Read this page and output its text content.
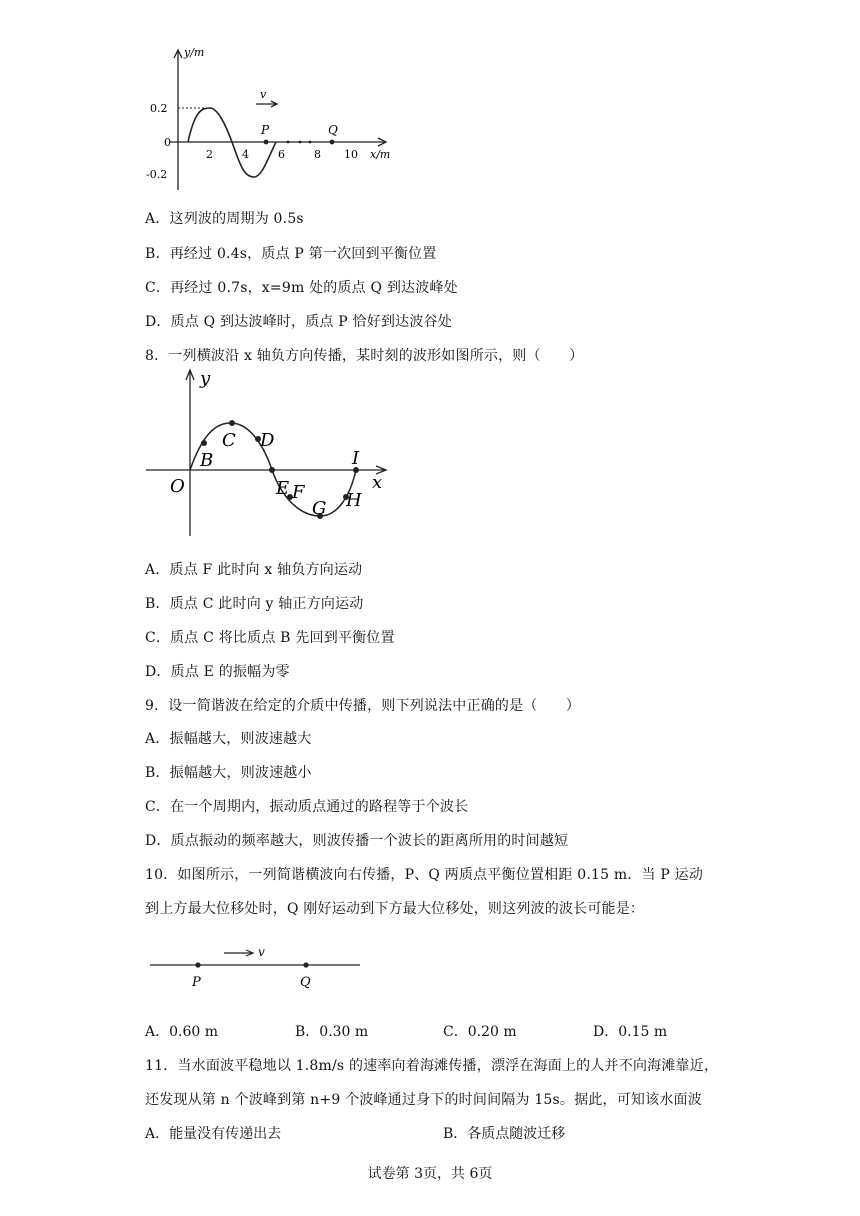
y/m
x/m
v
0.2
0
-0.2
2	4	6	8 10
P	Q
A．这列波的周期为 0.5s
B．再经过 0.4s，质点 P 第一次回到平衡位置
C．再经过 0.7s，x=9m 处的质点 Q 到达波峰处
D．质点 Q 到达波峰时，质点 P 恰好到达波谷处
8．一列横波沿 x 轴负方向传播，某时刻的波形如图所示，则（　　）
y
x
O
B
C D
E F
G H
I
A．质点 F 此时向 x 轴负方向运动
B．质点 C 此时向 y 轴正方向运动
C．质点 C 将比质点 B 先回到平衡位置
D．质点 E 的振幅为零
9．设一简谐波在给定的介质中传播，则下列说法中正确的是（　　）
A．振幅越大，则波速越大
B．振幅越大，则波速越小
C．在一个周期内，振动质点通过的路程等于个波长
D．质点振动的频率越大，则波传播一个波长的距离所用的时间越短
10．如图所示，一列简谐横波向右传播，P、Q 两质点平衡位置相距 0.15 m．当 P 运动
到上方最大位移处时，Q 刚好运动到下方最大位移处，则这列波的波长可能是：
v
P	Q
A．0.60 m	B．0.30 m	C．0.20 m	D．0.15 m
11．当水面波平稳地以 1.8m/s 的速率向着海滩传播，漂浮在海面上的人并不向海滩靠近，
还发现从第 n 个波峰到第 n+9 个波峰通过身下的时间间隔为 15s。据此，可知该水面波
A．能量没有传递出去	B．各质点随波迁移
试卷第 3页，共 6页
